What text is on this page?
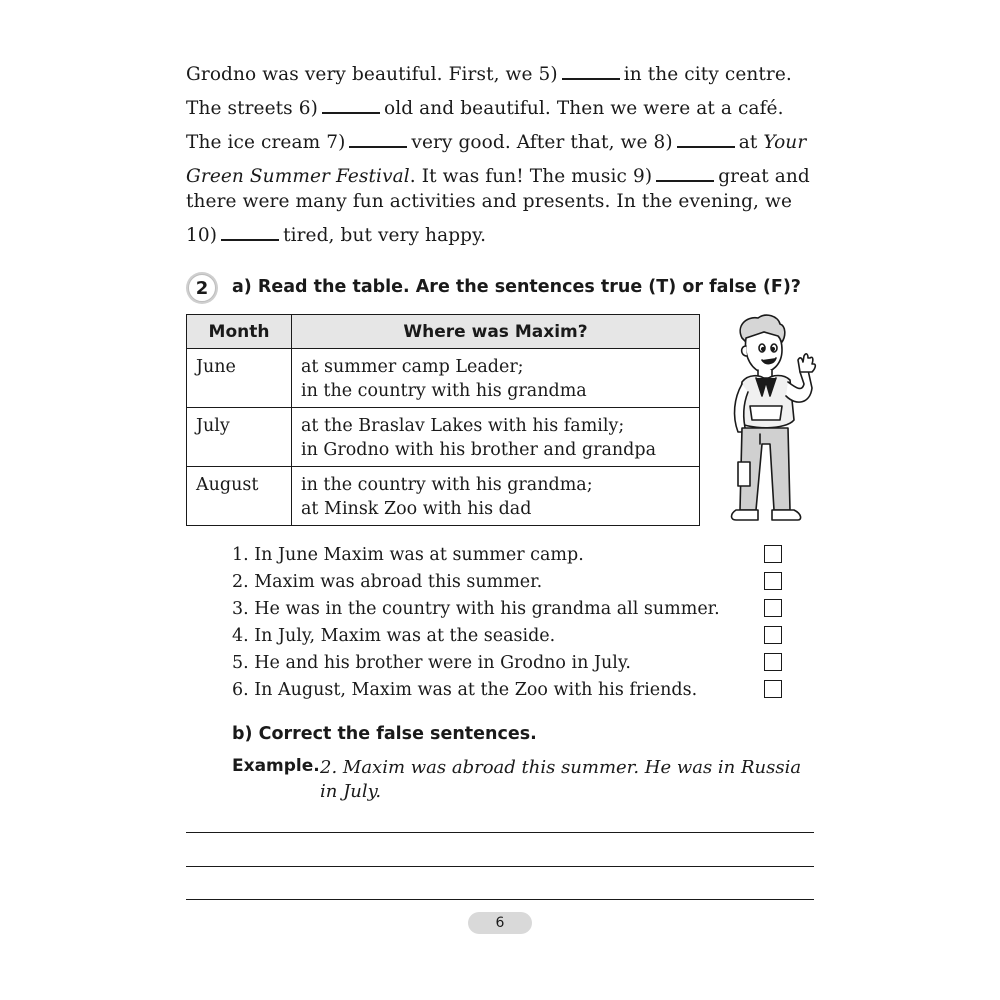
Grodno was very beautiful. First, we 5)	in the city centre.
The streets 6)	old and beautiful. Then we were at a café.
The ice cream 7)	very good. After that, we 8)	at Your
Green Summer Festival. It was fun! The music 9)	great and
there were many fun activities and presents. In the evening, we
10)	tired, but very happy.
2	a) Read the table. Are the sentences true (T) or false (F)?
Month	Where was Maxim?
June	at summer camp Leader;
in the country with his grandma

July	at the Braslav Lakes with his family;
in Grodno with his brother and grandpa

August	in the country with his grandma;
at Minsk Zoo with his dad
1. In June Maxim was at summer camp.
2. Maxim was abroad this summer.
3. He was in the country with his grandma all summer.
4. In July, Maxim was at the seaside.
5. He and his brother were in Grodno in July.
6. In August, Maxim was at the Zoo with his friends.
b) Correct the false sentences.
Example. 2. Maxim was abroad this summer. He was in Russia
in July.
6
